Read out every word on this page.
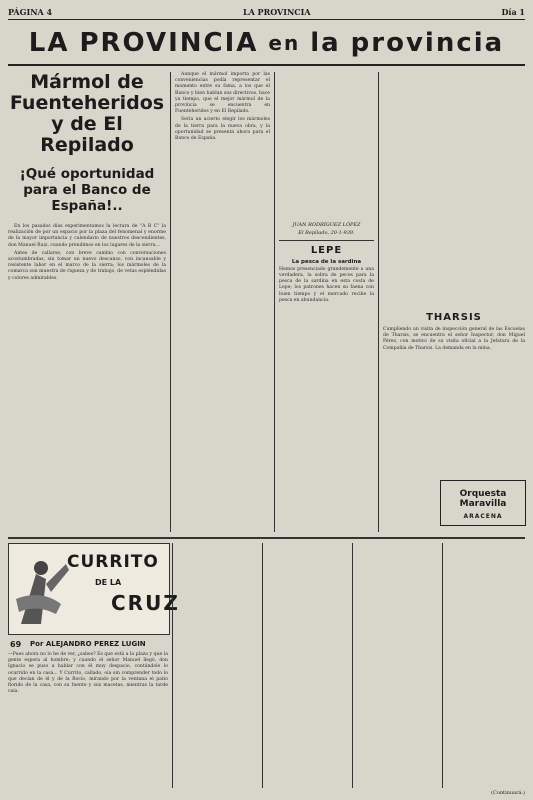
PÁGINA 4	LA PROVINCIA	Día 1
LA PROVINCIA en la provincia
Mármol de Fuenteheridos y de El Repilado
¡Qué oportunidad para el Banco de España!..

En los pasados días experimentamos la lectura de "A B C" la realización de por un espacio por la plaza del fenomenal y enorme de la mayor importancia y calendario de nuestros descendientes, don Manuel Ruiz, cuando prendimos en los lugares de la sierra...

Antes de callarse, con breve cambio con conversaciones acostumbradas, sin tomar un nuevo descanso, con incansable y resistente labor en el marco de la sierra; los mármoles de la comarca son muestra de riqueza y de trabajo, de vetas espléndidas y colores admirables.

Aunque el mármol importa por las conveniencias podía representar el momento entre su fama, a los que el Banco y bien hablan sus directivos, hace ya tiempo, que el mejor mármol de la provincia se encuentra en Fuenteheridos y en El Repilado.

Sería un acierto elegir los mármoles de la tierra para la nueva obra, y la oportunidad se presenta ahora para el Banco de España.

JUAN RODRÍGUEZ LÓPEZ
El Repilado, 20-1-939.
LEPE
La pesca de la sardina
Hemos presenciado grandemente a una verdadera, la sobra de peces para la pesca de la sardina en esta costa de Lepe; los patrones hacen su faena con buen tiempo y el mercado recibe la pesca en abundancia.
THARSIS
Cumpliendo un visita de inspección general de las Escuelas de Tharsis, se encuentra el señor Inspector, don Miguel Pérez, con motivo de su visita oficial a la Jefatura de la Compañía de Tharsis. La demanda en la mina.
Orquesta Maravilla
ARACENA
CURRITO
DE LA
CRUZ
69 Por ALEJANDRO PEREZ LUGIN
—Pues ahora no lo he de ver, ¿sabes? Es que está a la plaza y que la gente espera al hombre; y cuando el señor Manuel llegó, don Ignacio se puso a hablar con él muy despacio, contándole lo ocurrido en la casa... Y Currito, callado, oía sin comprender todo lo que decían de él y de la Rocío, mirando por la ventana el patio florido de la casa, con su fuente y sus macetas, mientras la tarde caía.
(Continuará.)
